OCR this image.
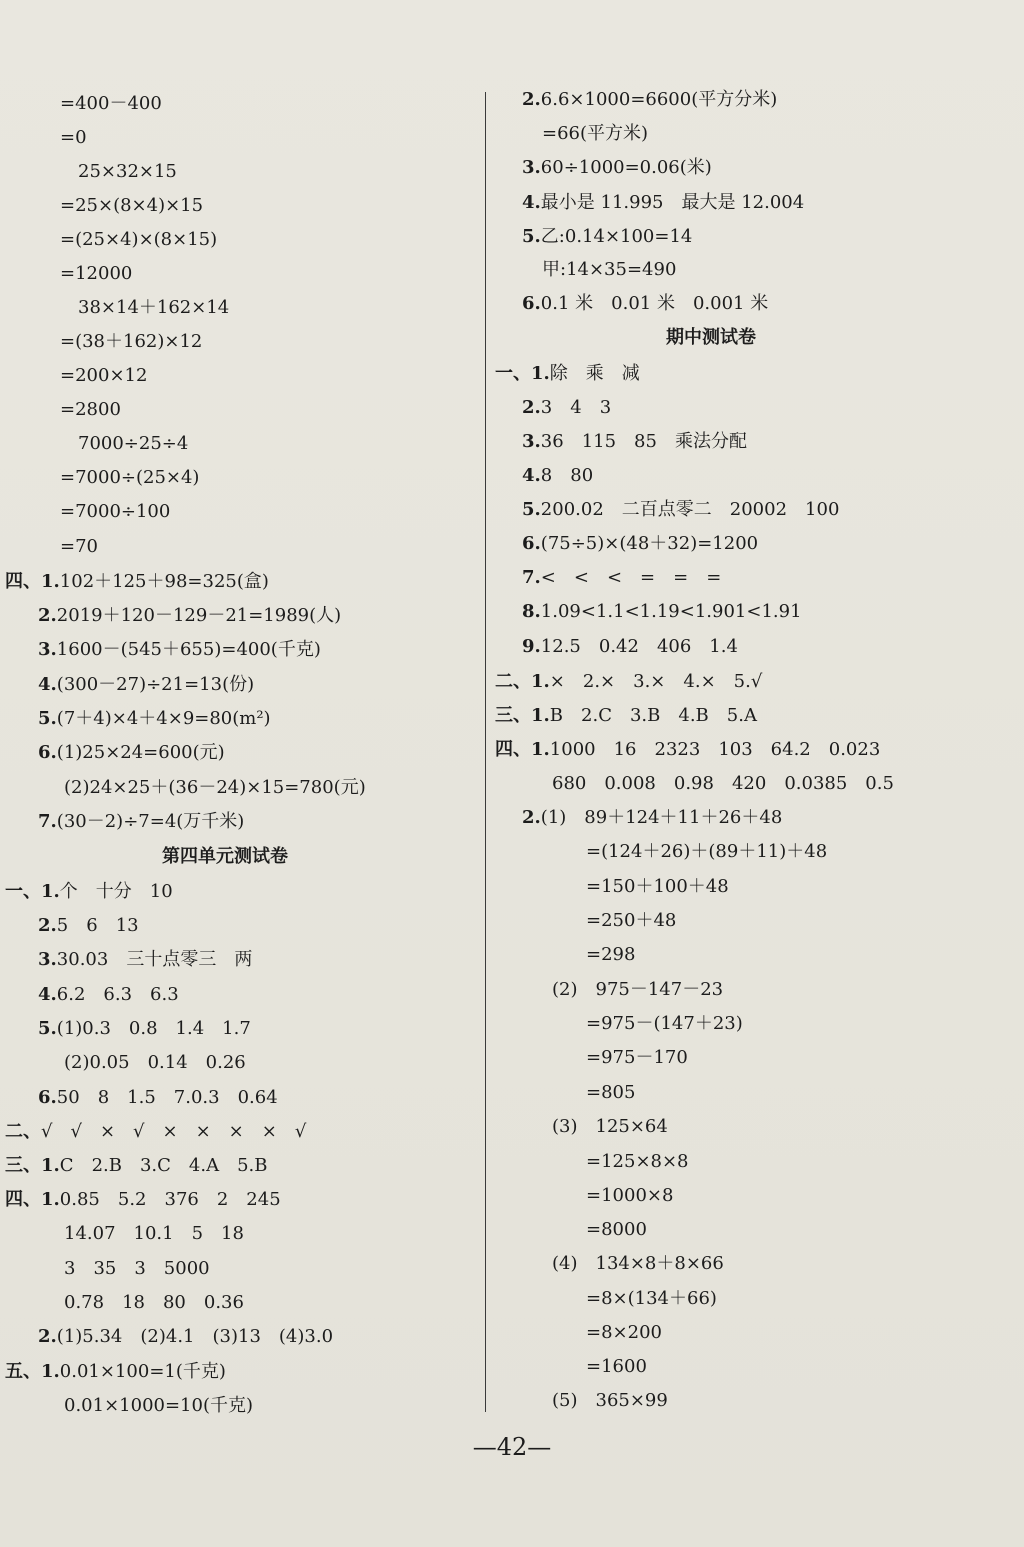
=400－400
=0
25×32×15
=25×(8×4)×15
=(25×4)×(8×15)
=12000
38×14＋162×14
=(38＋162)×12
=200×12
=2800
7000÷25÷4
=7000÷(25×4)
=7000÷100
=70
四、1.102＋125＋98=325(盒)
2.2019＋120－129－21=1989(人)
3.1600－(545＋655)=400(千克)
4.(300－27)÷21=13(份)
5.(7＋4)×4＋4×9=80(m²)
6.(1)25×24=600(元)
(2)24×25＋(36－24)×15=780(元)
7.(30－2)÷7=4(万千米)
第四单元测试卷
一、1.个　十分　10
2.5　6　13
3.30.03　三十点零三　两
4.6.2　6.3　6.3
5.(1)0.3　0.8　1.4　1.7
(2)0.05　0.14　0.26
6.50　8　1.5　7.0.3　0.64
二、√　√　×　√　×　×　×　×　√
三、1.C　2.B　3.C　4.A　5.B
四、1.0.85　5.2　376　2　245
14.07　10.1　5　18
3　35　3　5000
0.78　18　80　0.36
2.(1)5.34　(2)4.1　(3)13　(4)3.0
五、1.0.01×100=1(千克)
0.01×1000=10(千克)
2.6.6×1000=6600(平方分米)
=66(平方米)
3.60÷1000=0.06(米)
4.最小是 11.995　最大是 12.004
5.乙:0.14×100=14
甲:14×35=490
6.0.1 米　0.01 米　0.001 米
期中测试卷
一、1.除　乘　减
2.3　4　3
3.36　115　85　乘法分配
4.8　80
5.200.02　二百点零二　20002　100
6.(75÷5)×(48＋32)=1200
7.<　<　<　=　=　=
8.1.09<1.1<1.19<1.901<1.91
9.12.5　0.42　406　1.4
二、1.×　2.×　3.×　4.×　5.√
三、1.B　2.C　3.B　4.B　5.A
四、1.1000　16　2323　103　64.2　0.023
680　0.008　0.98　420　0.0385　0.5
2.(1)　89＋124＋11＋26＋48
=(124＋26)＋(89＋11)＋48
=150＋100＋48
=250＋48
=298
(2)　975－147－23
=975－(147＋23)
=975－170
=805
(3)　125×64
=125×8×8
=1000×8
=8000
(4)　134×8＋8×66
=8×(134＋66)
=8×200
=1600
(5)　365×99
—42—
